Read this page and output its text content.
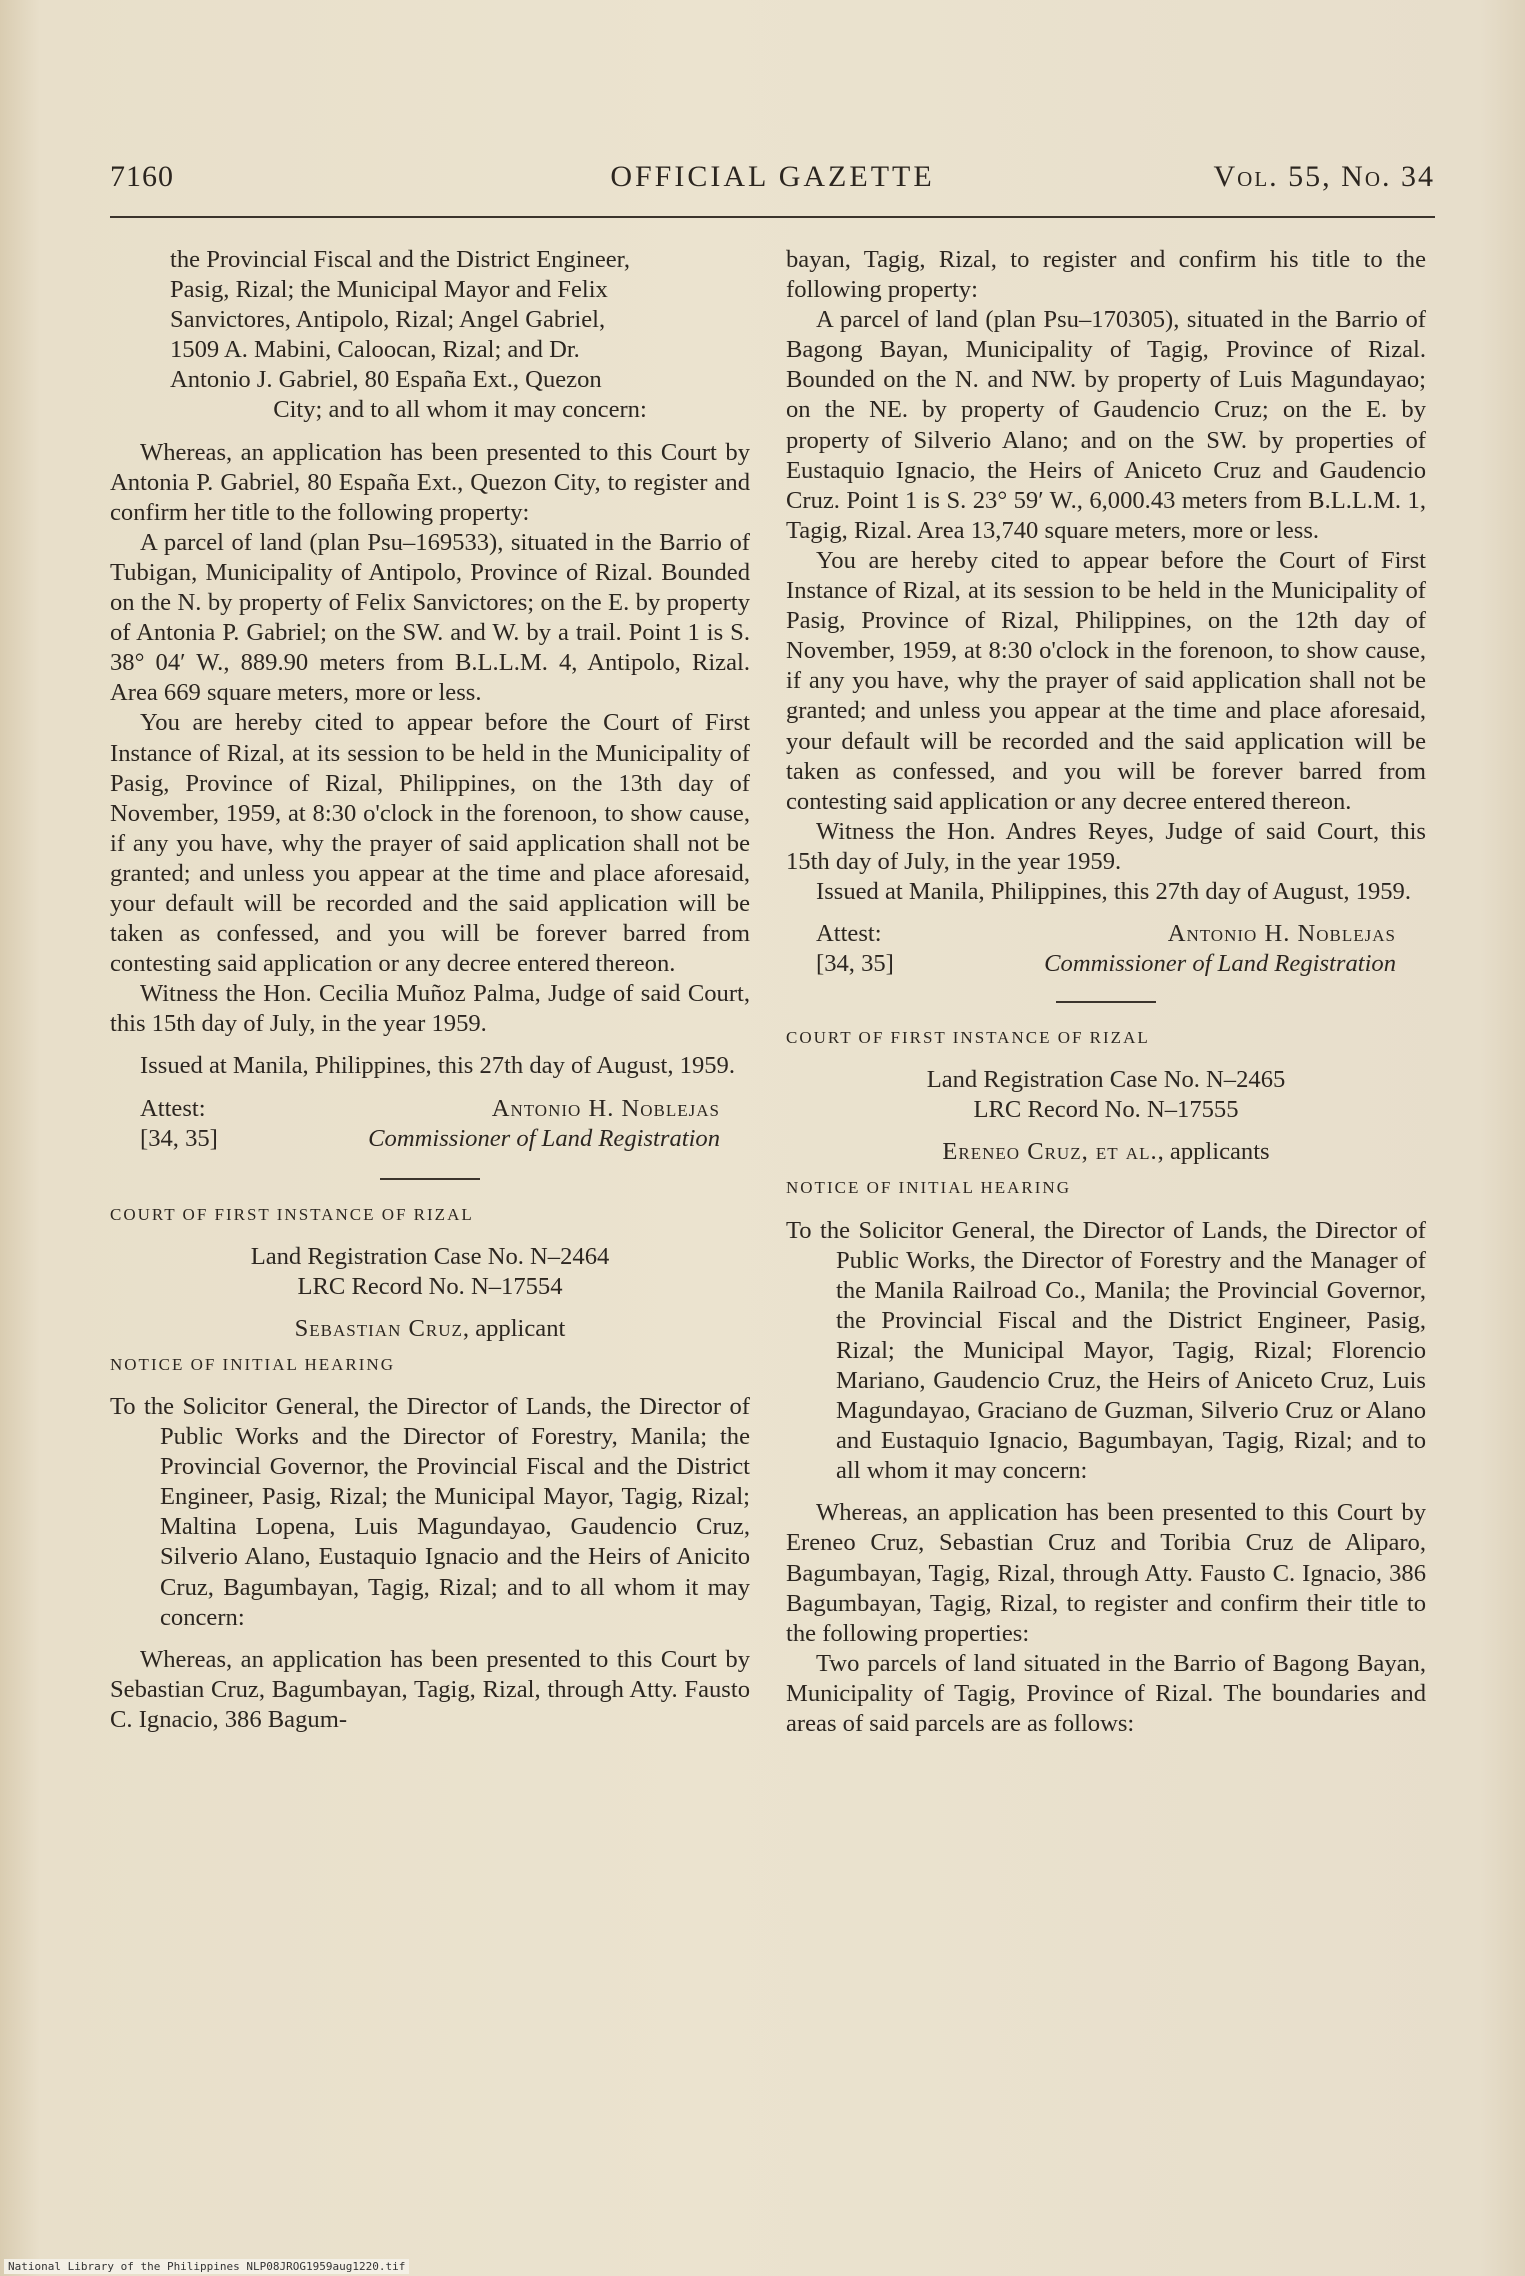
7160	OFFICIAL GAZETTE	Vol. 55, No. 34

the Provincial Fiscal and the District Engineer,

Pasig, Rizal; the Municipal Mayor and Felix

Sanvictores, Antipolo, Rizal; Angel Gabriel,

1509 A. Mabini, Caloocan, Rizal; and Dr.

Antonio J. Gabriel, 80 España Ext., Quezon

City; and to all whom it may concern:

Whereas, an application has been presented to this Court by Antonia P. Gabriel, 80 España Ext., Quezon City, to register and confirm her title to the following property:

A parcel of land (plan Psu–169533), situated in the Barrio of Tubigan, Municipality of Antipolo, Province of Rizal. Bounded on the N. by property of Felix Sanvictores; on the E. by property of Antonia P. Gabriel; on the SW. and W. by a trail. Point 1 is S. 38° 04′ W., 889.90 meters from B.L.L.M. 4, Antipolo, Rizal. Area 669 square meters, more or less.

You are hereby cited to appear before the Court of First Instance of Rizal, at its session to be held in the Municipality of Pasig, Province of Rizal, Philippines, on the 13th day of November, 1959, at 8:30 o'clock in the forenoon, to show cause, if any you have, why the prayer of said application shall not be granted; and unless you appear at the time and place aforesaid, your default will be recorded and the said application will be taken as confessed, and you will be forever barred from contesting said application or any decree entered thereon.

Witness the Hon. Cecilia Muñoz Palma, Judge of said Court, this 15th day of July, in the year 1959.

Issued at Manila, Philippines, this 27th day of August, 1959.

Attest:
[34, 35]
Antonio H. Noblejas
Commissioner of Land Registration

COURT OF FIRST INSTANCE OF RIZAL

Land Registration Case No. N–2464

LRC Record No. N–17554

Sebastian Cruz, applicant

NOTICE OF INITIAL HEARING

To the Solicitor General, the Director of Lands, the Director of Public Works and the Director of Forestry, Manila; the Provincial Governor, the Provincial Fiscal and the District Engineer, Pasig, Rizal; the Municipal Mayor, Tagig, Rizal; Maltina Lopena, Luis Magundayao, Gaudencio Cruz, Silverio Alano, Eustaquio Ignacio and the Heirs of Anicito Cruz, Bagumbayan, Tagig, Rizal; and to all whom it may concern:

Whereas, an application has been presented to this Court by Sebastian Cruz, Bagumbayan, Tagig, Rizal, through Atty. Fausto C. Ignacio, 386 Bagum-

bayan, Tagig, Rizal, to register and confirm his title to the following property:

A parcel of land (plan Psu–170305), situated in the Barrio of Bagong Bayan, Municipality of Tagig, Province of Rizal. Bounded on the N. and NW. by property of Luis Magundayao; on the NE. by property of Gaudencio Cruz; on the E. by property of Silverio Alano; and on the SW. by properties of Eustaquio Ignacio, the Heirs of Aniceto Cruz and Gaudencio Cruz. Point 1 is S. 23° 59′ W., 6,000.43 meters from B.L.L.M. 1, Tagig, Rizal. Area 13,740 square meters, more or less.

You are hereby cited to appear before the Court of First Instance of Rizal, at its session to be held in the Municipality of Pasig, Province of Rizal, Philippines, on the 12th day of November, 1959, at 8:30 o'clock in the forenoon, to show cause, if any you have, why the prayer of said application shall not be granted; and unless you appear at the time and place aforesaid, your default will be recorded and the said application will be taken as confessed, and you will be forever barred from contesting said application or any decree entered thereon.

Witness the Hon. Andres Reyes, Judge of said Court, this 15th day of July, in the year 1959.

Issued at Manila, Philippines, this 27th day of August, 1959.

Attest:
[34, 35]
Antonio H. Noblejas
Commissioner of Land Registration

COURT OF FIRST INSTANCE OF RIZAL

Land Registration Case No. N–2465

LRC Record No. N–17555

Ereneo Cruz, et al., applicants

NOTICE OF INITIAL HEARING

To the Solicitor General, the Director of Lands, the Director of Public Works, the Director of Forestry and the Manager of the Manila Railroad Co., Manila; the Provincial Governor, the Provincial Fiscal and the District Engineer, Pasig, Rizal; the Municipal Mayor, Tagig, Rizal; Florencio Mariano, Gaudencio Cruz, the Heirs of Aniceto Cruz, Luis Magundayao, Graciano de Guzman, Silverio Cruz or Alano and Eustaquio Ignacio, Bagumbayan, Tagig, Rizal; and to all whom it may concern:

Whereas, an application has been presented to this Court by Ereneo Cruz, Sebastian Cruz and Toribia Cruz de Aliparo, Bagumbayan, Tagig, Rizal, through Atty. Fausto C. Ignacio, 386 Bagumbayan, Tagig, Rizal, to register and confirm their title to the following properties:

Two parcels of land situated in the Barrio of Bagong Bayan, Municipality of Tagig, Province of Rizal. The boundaries and areas of said parcels are as follows:

National Library of the Philippines NLP08JROG1959aug1220.tif
